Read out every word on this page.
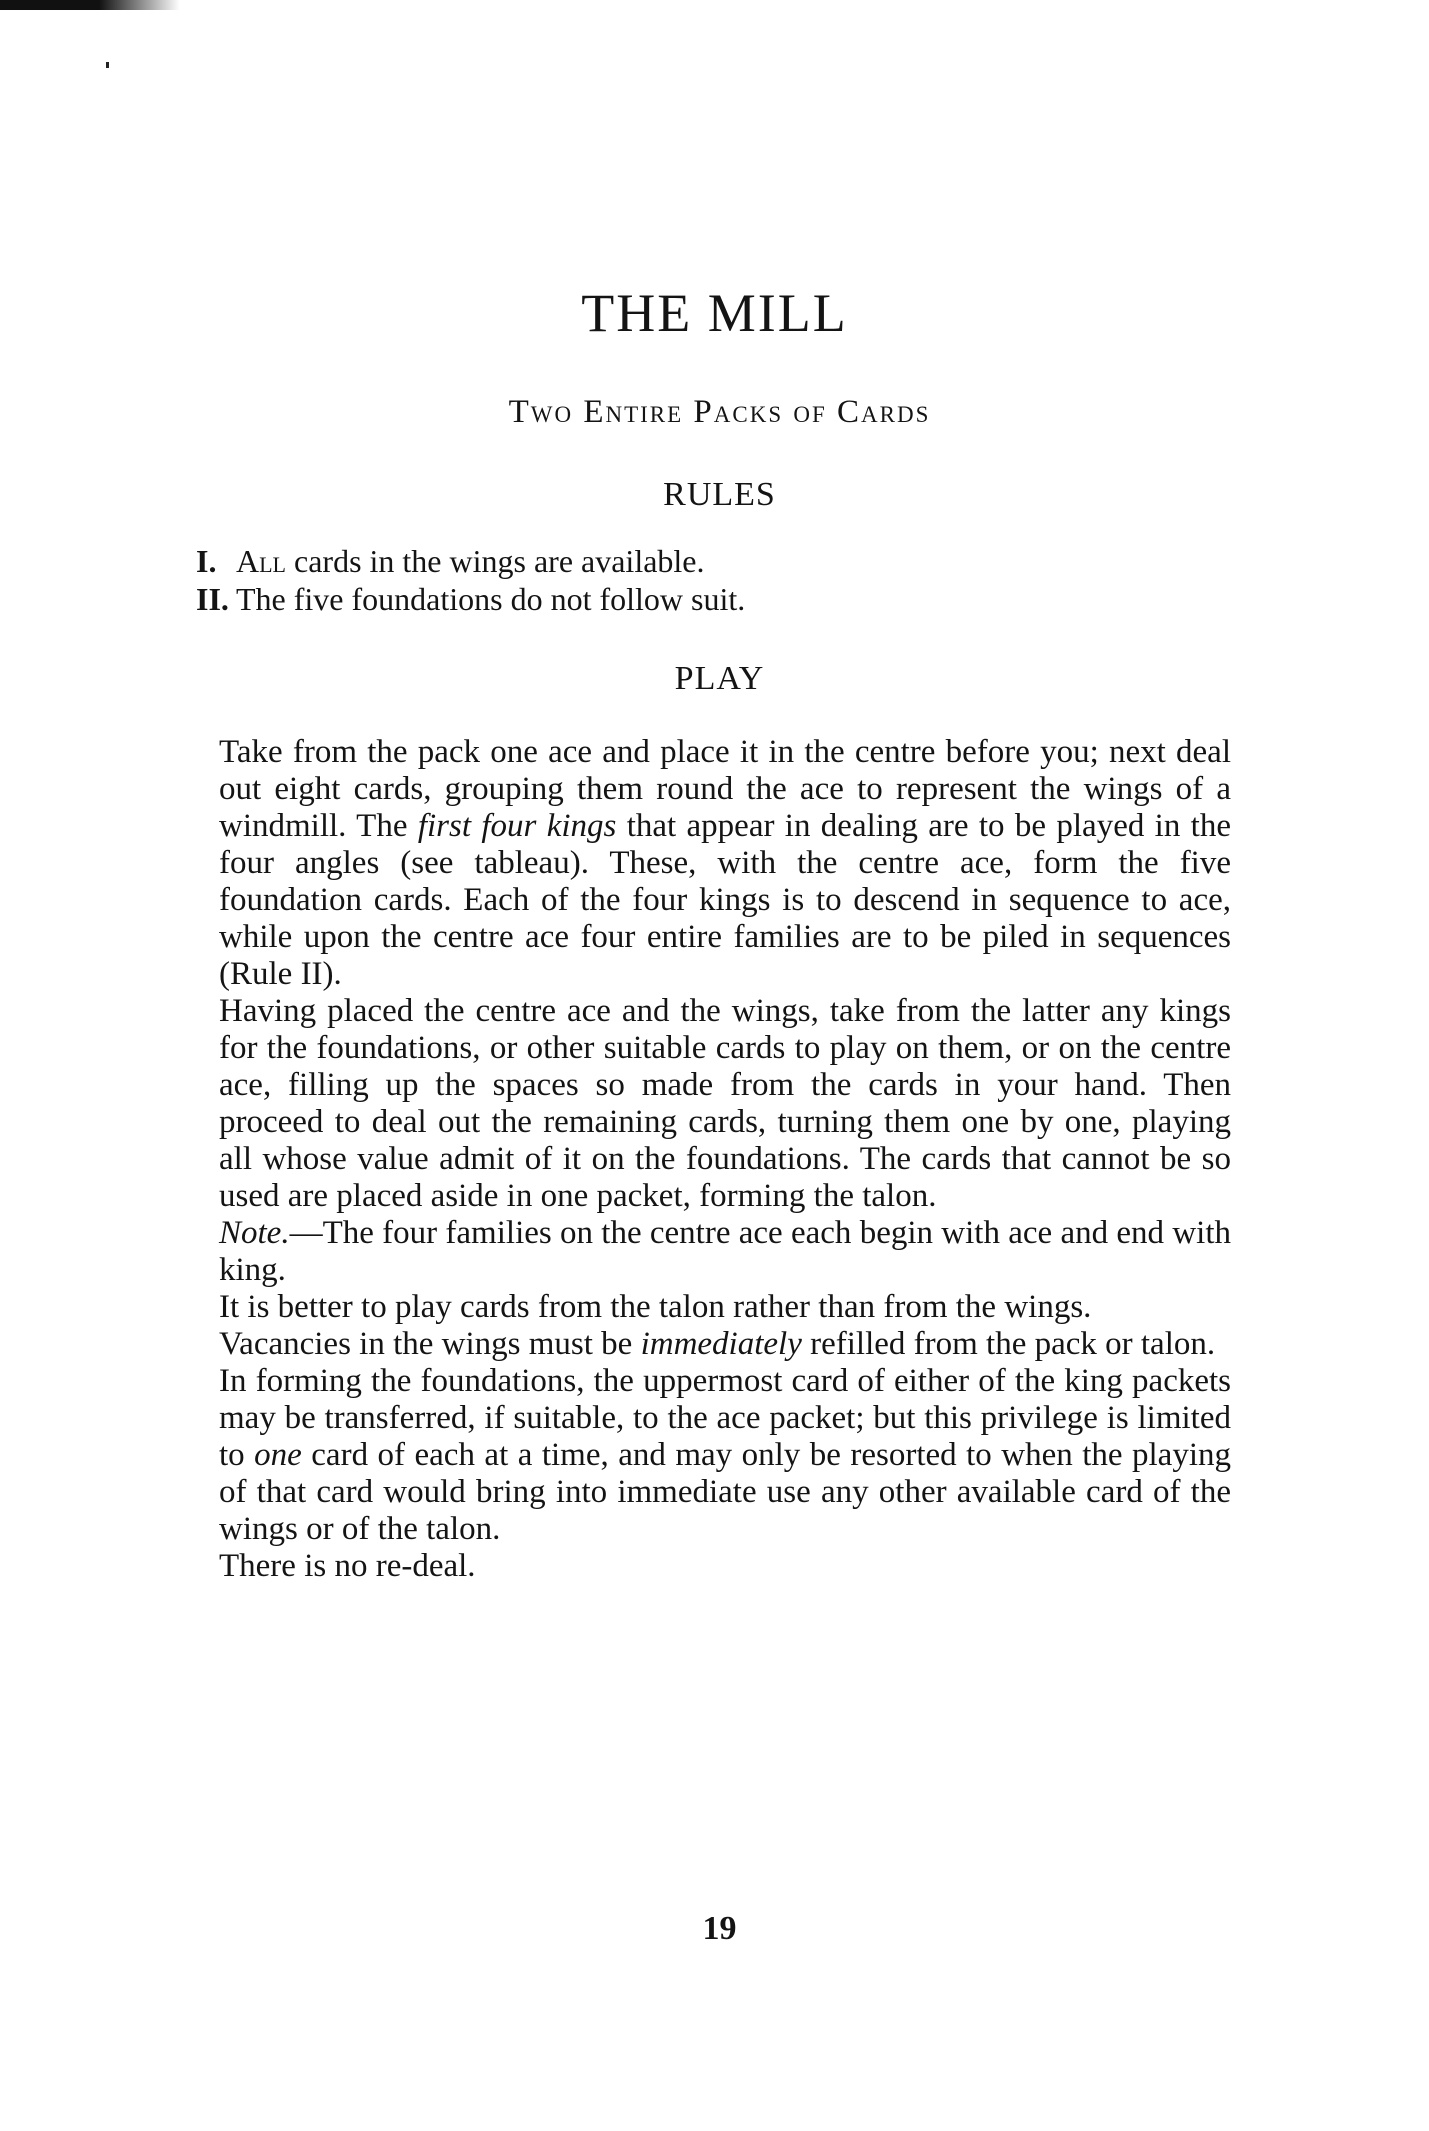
THE MILL
Two Entire Packs of Cards
RULES
I. All cards in the wings are available.
II. The five foundations do not follow suit.
PLAY

Take from the pack one ace and place it in the centre before you; next deal out eight cards, grouping them round the ace to represent the wings of a windmill. The first four kings that appear in dealing are to be played in the four angles (see tableau). These, with the centre ace, form the five foundation cards. Each of the four kings is to descend in sequence to ace, while upon the centre ace four entire families are to be piled in sequences (Rule II).

Having placed the centre ace and the wings, take from the latter any kings for the foundations, or other suitable cards to play on them, or on the centre ace, filling up the spaces so made from the cards in your hand. Then proceed to deal out the remaining cards, turning them one by one, playing all whose value admit of it on the foundations. The cards that cannot be so used are placed aside in one packet, forming the talon.

Note.—The four families on the centre ace each begin with ace and end with king.

It is better to play cards from the talon rather than from the wings.

Vacancies in the wings must be immediately refilled from the pack or talon.

In forming the foundations, the uppermost card of either of the king packets may be transferred, if suitable, to the ace packet; but this privilege is limited to one card of each at a time, and may only be resorted to when the playing of that card would bring into immediate use any other available card of the wings or of the talon.

There is no re-deal.

19
